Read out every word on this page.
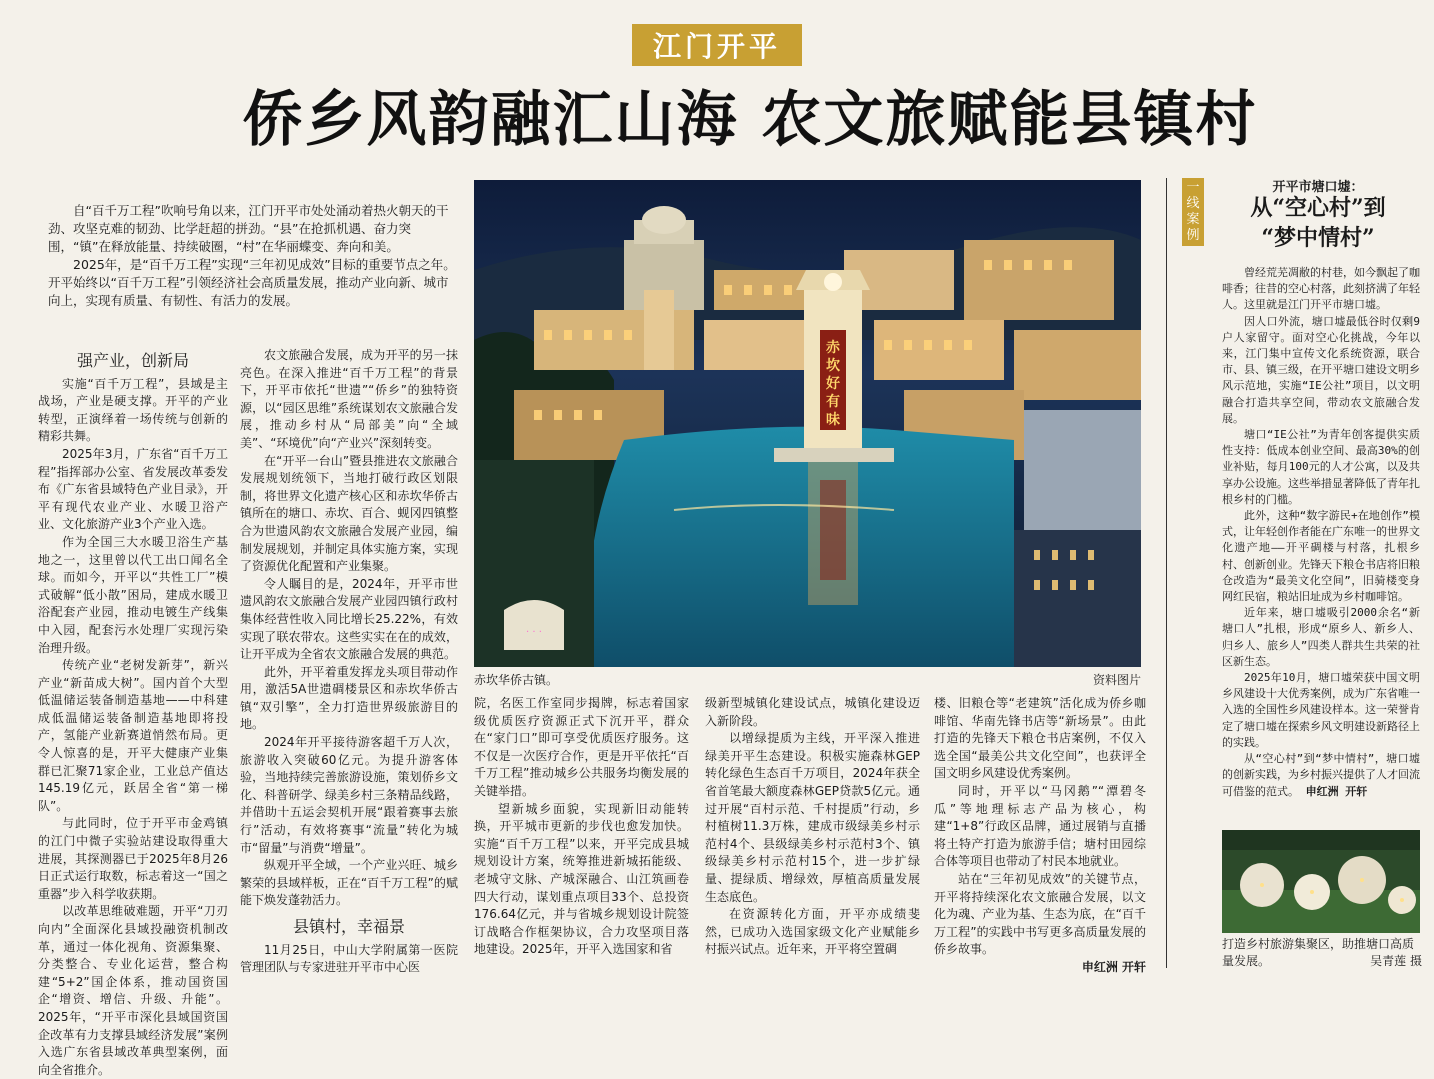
江门开平
侨乡风韵融汇山海 农文旅赋能县镇村

自“百千万工程”吹响号角以来，江门开平市处处涌动着热火朝天的干劲、攻坚克难的韧劲、比学赶超的拼劲。“县”在抢抓机遇、奋力突围，“镇”在释放能量、持续破圈，“村”在华丽蝶变、奔向和美。

2025年，是“百千万工程”实现“三年初见成效”目标的重要节点之年。开平始终以“百千万工程”引领经济社会高质量发展，推动产业向新、城市向上，实现有质量、有韧性、有活力的发展。

赤
坎
好
有
味
· · ·
赤坎华侨古镇。	资料图片
强产业，创新局

实施“百千万工程”，县域是主战场，产业是硬支撑。开平的产业转型，正演绎着一场传统与创新的精彩共舞。

2025年3月，广东省“百千万工程”指挥部办公室、省发展改革委发布《广东省县域特色产业目录》，开平有现代农业产业、水暖卫浴产业、文化旅游产业3个产业入选。

作为全国三大水暖卫浴生产基地之一，这里曾以代工出口闻名全球。而如今，开平以“共性工厂”模式破解“低小散”困局，建成水暖卫浴配套产业园，推动电镀生产线集中入园，配套污水处理厂实现污染治理升级。

传统产业“老树发新芽”，新兴产业“新苗成大树”。国内首个大型低温储运装备制造基地——中科建成低温储运装备制造基地即将投产，氢能产业新赛道悄然布局。更令人惊喜的是，开平大健康产业集群已汇聚71家企业，工业总产值达145.19亿元，跃居全省“第一梯队”。

与此同时，位于开平市金鸡镇的江门中微子实验站建设取得重大进展，其探测器已于2025年8月26日正式运行取数，标志着这一“国之重器”步入科学收获期。

以改革思维破难题，开平“刀刃向内”全面深化县域投融资机制改革，通过一体化视角、资源集聚、分类整合、专业化运营，整合构建“5+2”国企体系，推动国资国企“增资、增信、升级、升能”。2025年，“开平市深化县域国资国企改革有力支撑县域经济发展”案例入选广东省县域改革典型案例，面向全省推介。

农文旅融合发展，成为开平的另一抹亮色。在深入推进“百千万工程”的背景下，开平市依托“世遗”“侨乡”的独特资源，以“园区思维”系统谋划农文旅融合发展，推动乡村从“局部美”向“全域美”、“环境优”向“产业兴”深刻转变。

在“开平一台山”暨县推进农文旅融合发展规划统领下，当地打破行政区划限制，将世界文化遗产核心区和赤坎华侨古镇所在的塘口、赤坎、百合、蚬冈四镇整合为世遗风韵农文旅融合发展产业园，编制发展规划，并制定具体实施方案，实现了资源优化配置和产业集聚。

令人瞩目的是，2024年，开平市世遗风韵农文旅融合发展产业园四镇行政村集体经营性收入同比增长25.22%，有效实现了联农带农。这些实实在在的成效，让开平成为全省农文旅融合发展的典范。

此外，开平着重发挥龙头项目带动作用，激活5A世遗碉楼景区和赤坎华侨古镇“双引擎”，全力打造世界级旅游目的地。

2024年开平接待游客超千万人次，旅游收入突破60亿元。为提升游客体验，当地持续完善旅游设施，策划侨乡文化、科普研学、绿美乡村三条精品线路，并借助十五运会契机开展“跟着赛事去旅行”活动，有效将赛事“流量”转化为城市“留量”与消费“增量”。

纵观开平全域，一个产业兴旺、城乡繁荣的县域样板，正在“百千万工程”的赋能下焕发蓬勃活力。

县镇村，幸福景

11月25日，中山大学附属第一医院管理团队与专家进驻开平市中心医

院，名医工作室同步揭牌，标志着国家级优质医疗资源正式下沉开平，群众在“家门口”即可享受优质医疗服务。这不仅是一次医疗合作，更是开平依托“百千万工程”推动城乡公共服务均衡发展的关键举措。

望新城乡面貌，实现新旧动能转换，开平城市更新的步伐也愈发加快。实施“百千万工程”以来，开平完成县城规划设计方案，统筹推进新城拓能级、老城守文脉、产城深融合、山江筑画卷四大行动，谋划重点项目33个、总投资176.64亿元，并与省城乡规划设计院签订战略合作框架协议，合力攻坚项目落地建设。2025年，开平入选国家和省

级新型城镇化建设试点，城镇化建设迈入新阶段。

以增绿提质为主线，开平深入推进绿美开平生态建设。积极实施森林GEP转化绿色生态百千万项目，2024年获全省首笔最大额度森林GEP贷款5亿元。通过开展“百村示范、千村提质”行动，乡村植树11.3万株，建成市级绿美乡村示范村4个、县级绿美乡村示范村3个、镇级绿美乡村示范村15个，进一步扩绿量、提绿质、增绿效，厚植高质量发展生态底色。

在资源转化方面，开平亦成绩斐然，已成功入选国家级文化产业赋能乡村振兴试点。近年来，开平将空置碉

楼、旧粮仓等“老建筑”活化成为侨乡咖啡馆、华南先锋书店等“新场景”。由此打造的先锋天下粮仓书店案例，不仅入选全国“最美公共文化空间”，也获评全国文明乡风建设优秀案例。

同时，开平以“马冈鹅”“潭碧冬瓜”等地理标志产品为核心，构建“1+8”行政区品牌，通过展销与直播将土特产打造为旅游手信；塘村田园综合体等项目也带动了村民本地就业。

站在“三年初见成效”的关键节点，开平将持续深化农文旅融合发展，以文化为魂、产业为基、生态为底，在“百千万工程”的实践中书写更多高质量发展的侨乡故事。

申红洲 开轩

一
线
案
例
开平市塘口墟：
从“空心村”到
“梦中情村”

曾经荒芜凋敝的村巷，如今飘起了咖啡香；往昔的空心村落，此刻挤满了年轻人。这里就是江门开平市塘口墟。

因人口外流，塘口墟最低谷时仅剩9户人家留守。面对空心化挑战，今年以来，江门集中宣传文化系统资源，联合市、县、镇三级，在开平塘口建设文明乡风示范地，实施“IE公社”项目，以文明融合打造共享空间，带动农文旅融合发展。

塘口“IE公社”为青年创客提供实质性支持：低成本创业空间、最高30%的创业补贴，每月100元的人才公寓，以及共享办公设施。这些举措显著降低了青年扎根乡村的门槛。

此外，这种“数字游民+在地创作”模式，让年轻创作者能在广东唯一的世界文化遗产地——开平碉楼与村落，扎根乡村、创新创业。先锋天下粮仓书店将旧粮仓改造为“最美文化空间”，旧骑楼变身网红民宿，粮站旧址成为乡村咖啡馆。

近年来，塘口墟吸引2000余名“新塘口人”扎根，形成“原乡人、新乡人、归乡人、旅乡人”四类人群共生共荣的社区新生态。

2025年10月，塘口墟荣获中国文明乡风建设十大优秀案例，成为广东省唯一入选的全国性乡风建设样本。这一荣誉肯定了塘口墟在探索乡风文明建设新路径上的实践。

从“空心村”到“梦中情村”，塘口墟的创新实践，为乡村振兴提供了人才回流可借鉴的范式。 申红洲 开轩

打造乡村旅游集聚区，助推塘口高质量发展。	吴青莲 摄
